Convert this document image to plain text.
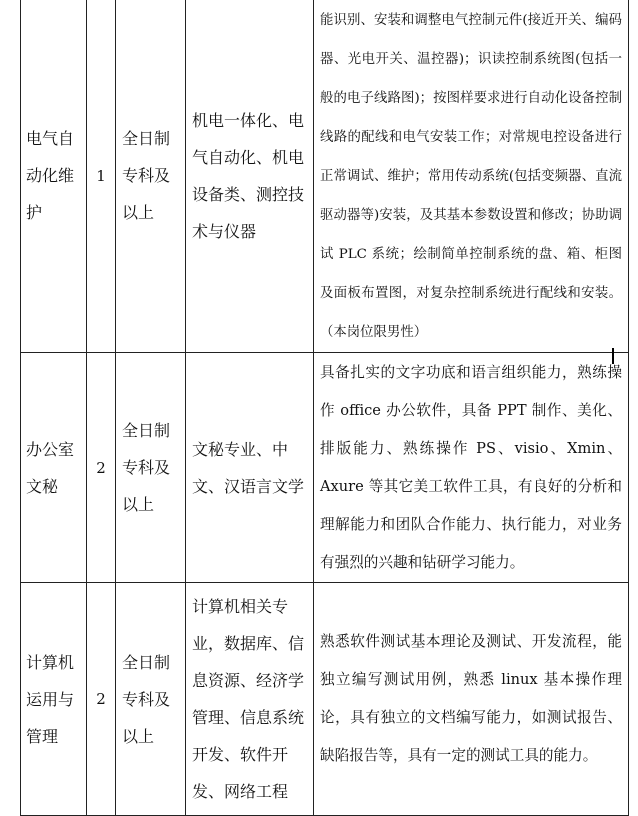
电气自动化维护	1	全日制专科及以上	机电一体化、电气自动化、机电设备类、测控技术与仪器	能识别、安装和调整电气控制元件(接近开关、编码器、光电开关、温控器)；识读控制系统图(包括一般的电子线路图)；按图样要求进行自动化设备控制线路的配线和电气安装工作；对常规电控设备进行正常调试、维护；常用传动系统(包括变频器、直流驱动器等)安装，及其基本参数设置和修改；协助调试 PLC 系统；绘制简单控制系统的盘、箱、柜图及面板布置图，对复杂控制系统进行配线和安装。（本岗位限男性）
办公室文秘	2	全日制专科及以上	文秘专业、中文、汉语言文学	具备扎实的文字功底和语言组织能力，熟练操作 office 办公软件，具备 PPT 制作、美化、排版能力、熟练操作 PS、visio、Xmin、Axure 等其它美工软件工具，有良好的分析和理解能力和团队合作能力、执行能力，对业务有强烈的兴趣和钻研学习能力。
计算机运用与管理	2	全日制专科及以上	计算机相关专业，数据库、信息资源、经济学管理、信息系统开发、软件开发、网络工程	熟悉软件测试基本理论及测试、开发流程，能独立编写测试用例，熟悉 linux 基本操作理论，具有独立的文档编写能力，如测试报告、缺陷报告等，具有一定的测试工具的能力。
